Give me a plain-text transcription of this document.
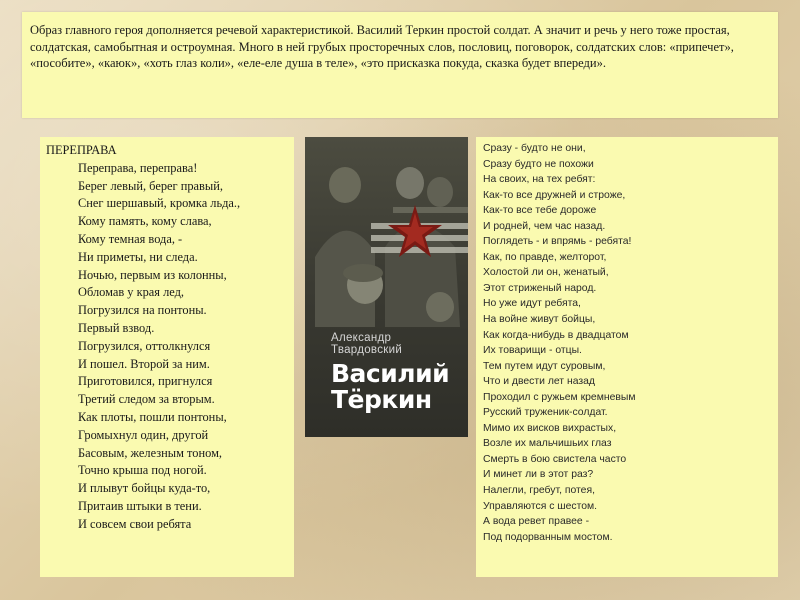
Образ главного героя дополняется речевой характеристикой. Василий Теркин простой солдат. А значит и речь у него тоже простая, солдатская, самобытная и остроумная. Много в ней грубых просторечных слов, пословиц, поговорок, солдатских слов: «припечет», «пособите», «каюк», «хоть глаз коли», «еле-еле душа в теле», «это присказка покуда, сказка будет впереди».
ПЕРЕПРАВА
Переправа, переправа!
Берег левый, берег правый,
Снег шершавый, кромка льда.,
Кому память, кому слава,
Кому темная вода, -
Ни приметы, ни следа.
Ночью, первым из колонны,
Обломав у края лед,
Погрузился на понтоны.
Первый взвод.
Погрузился, оттолкнулся
И пошел. Второй за ним.
Приготовился, пригнулся
Третий следом за вторым.
Как плоты, пошли понтоны,
Громыхнул один, другой
Басовым, железным тоном,
Точно крыша под ногой.
И плывут бойцы куда-то,
Притаив штыки в тени.
И совсем свои ребята
Александр
Твардовский
Василий
Тёркин
Сразу - будто не они,
Сразу будто не похожи
На своих, на тех ребят:
Как-то все дружней и строже,
Как-то все тебе дороже
И родней, чем час назад.
Поглядеть - и впрямь - ребята!
Как, по правде, желторот,
Холостой ли он, женатый,
Этот стриженый народ.
Но уже идут ребята,
На войне живут бойцы,
Как когда-нибудь в двадцатом
Их товарищи - отцы.
Тем путем идут суровым,
Что и двести лет назад
Проходил с ружьем кремневым
Русский труженик-солдат.
Мимо их висков вихрастых,
Возле их мальчишьих глаз
Смерть в бою свистела часто
И минет ли в этот раз?
Налегли, гребут, потея,
Управляются с шестом.
А вода ревет правее -
Под подорванным мостом.
